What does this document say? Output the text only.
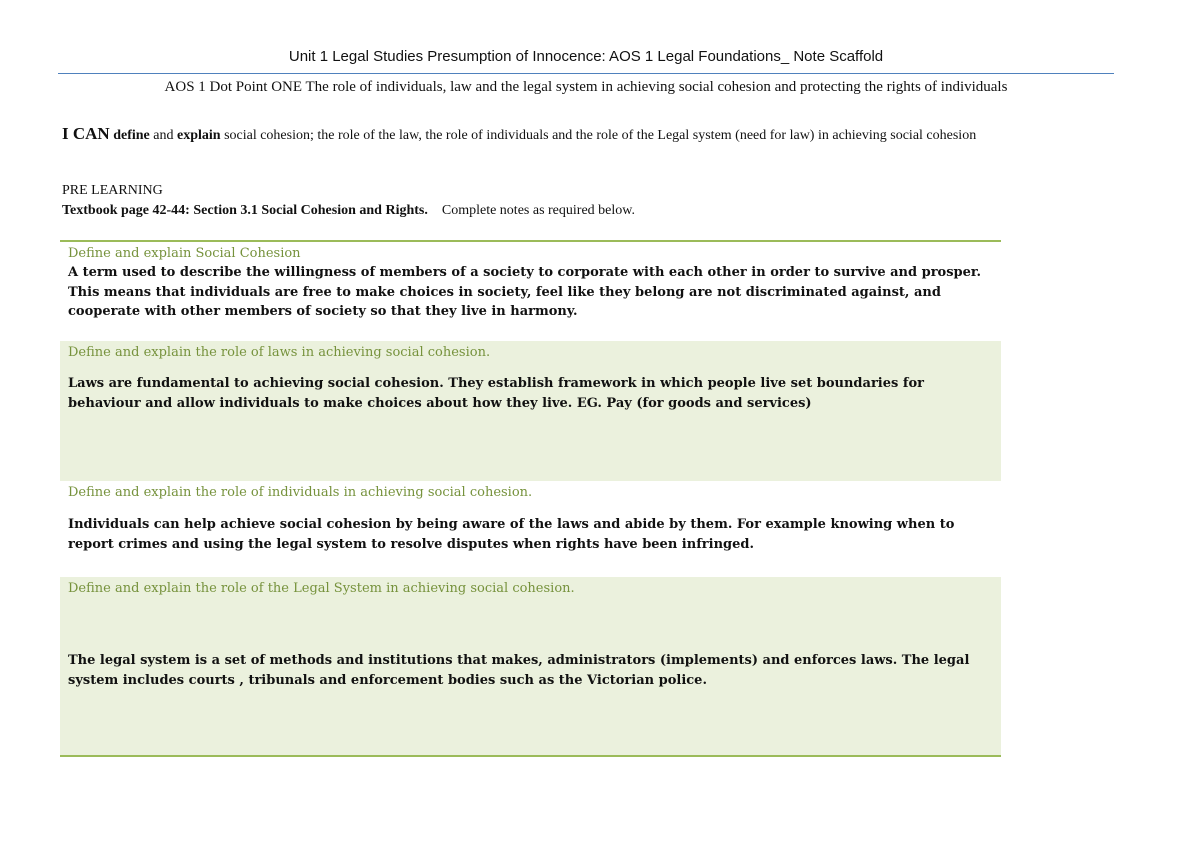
Unit 1 Legal Studies Presumption of Innocence: AOS 1 Legal Foundations_ Note Scaffold
AOS 1 Dot Point ONE The role of individuals, law and the legal system in achieving social cohesion and protecting the rights of individuals
I CAN define and explain social cohesion; the role of the law, the role of individuals and the role of the Legal system (need for law) in achieving social cohesion
PRE LEARNING
Textbook page 42-44: Section 3.1 Social Cohesion and Rights. Complete notes as required below.
Define and explain Social Cohesion
A term used to describe the willingness of members of a society to corporate with each other in order to survive and prosper. This means that individuals are free to make choices in society, feel like they belong are not discriminated against, and cooperate with other members of society so that they live in harmony.
Define and explain the role of laws in achieving social cohesion.
Laws are fundamental to achieving social cohesion. They establish framework in which people live set boundaries for behaviour and allow individuals to make choices about how they live. EG. Pay (for goods and services)
Define and explain the role of individuals in achieving social cohesion.
Individuals can help achieve social cohesion by being aware of the laws and abide by them. For example knowing when to report crimes and using the legal system to resolve disputes when rights have been infringed.
Define and explain the role of the Legal System in achieving social cohesion.
The legal system is a set of methods and institutions that makes, administrators (implements) and enforces laws. The legal system includes courts , tribunals and enforcement bodies such as the Victorian police.
